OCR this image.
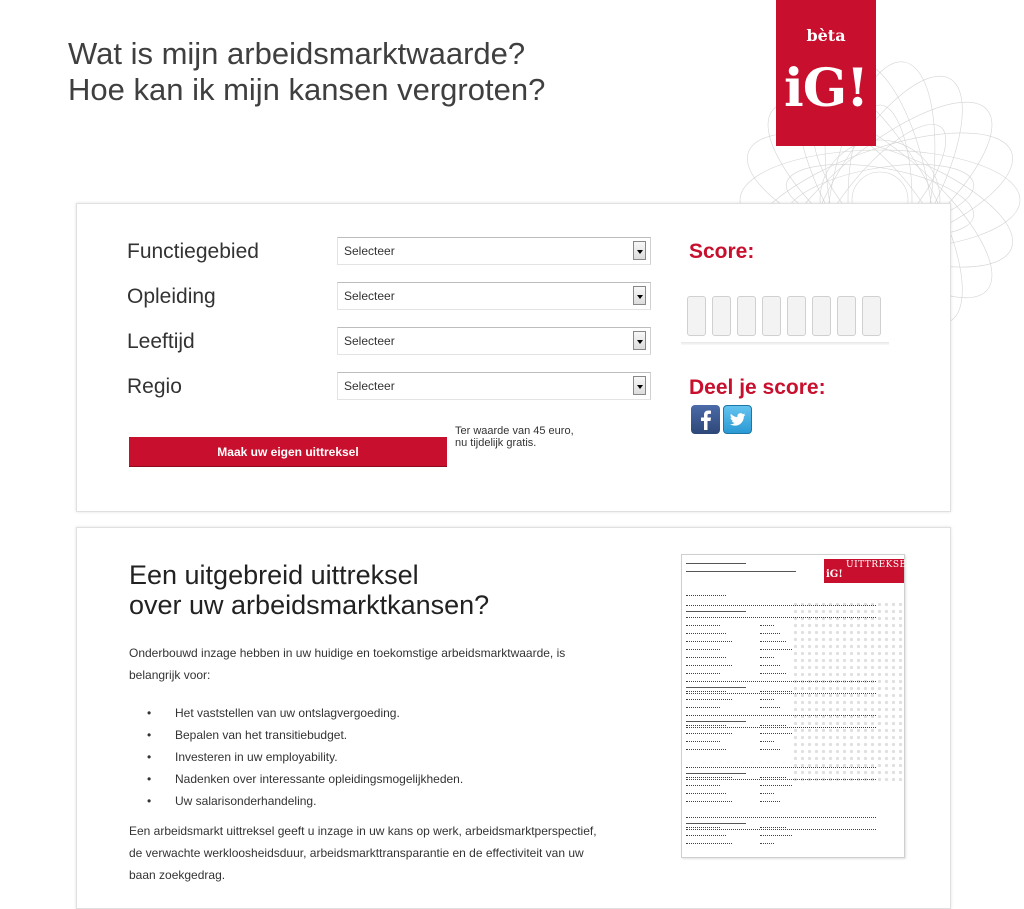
Wat is mijn arbeidsmarktwaarde?
Hoe kan ik mijn kansen vergroten?
bèta
iG!
Functiegebied	Selecteer
Opleiding	Selecteer
Leeftijd	Selecteer
Regio	Selecteer
Maak uw eigen uittreksel
Ter waarde van 45 euro,
nu tijdelijk gratis.
Score:
Deel je score:
Een uitgebreid uittreksel
over uw arbeidsmarktkansen?

Onderbouwd inzage hebben in uw huidige en toekomstige arbeidsmarktwaarde, is belangrijk voor:

• Het vaststellen van uw ontslagvergoeding.
• Bepalen van het transitiebudget.
• Investeren in uw employability.
• Nadenken over interessante opleidingsmogelijkheden.
• Uw salarisonderhandeling.

Een arbeidsmarkt uittreksel geeft u inzage in uw kans op werk, arbeidsmarktperspectief, de verwachte werkloosheidsduur, arbeidsmarkttransparantie en de effectiviteit van uw baan zoekgedrag.

iG!
UITTREKSEL
